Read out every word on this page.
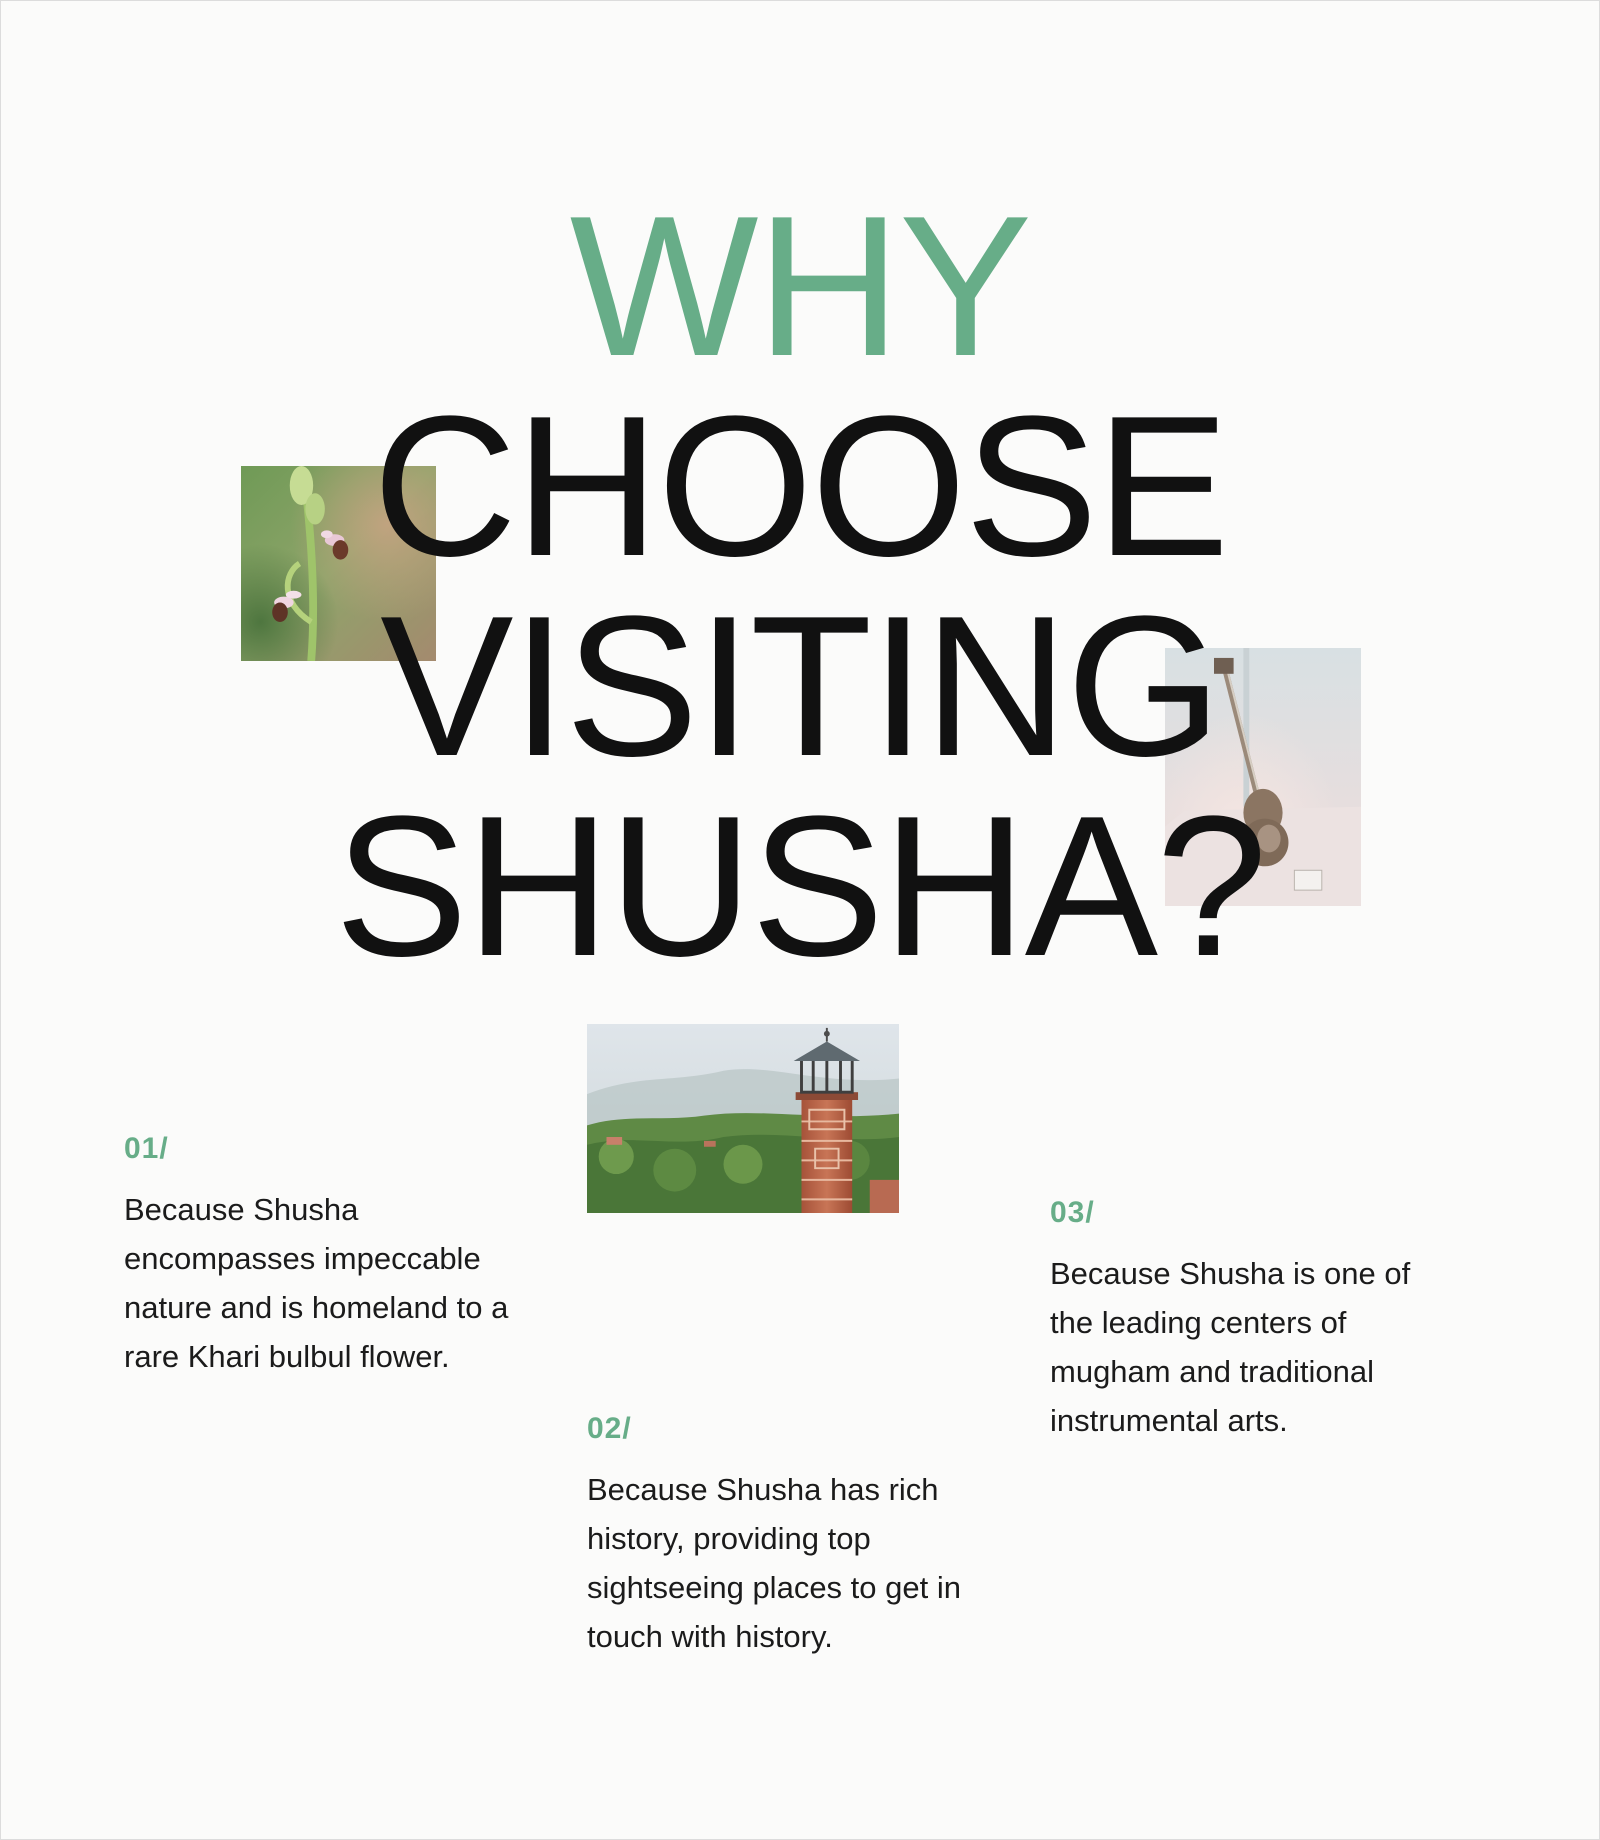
WHY
CHOOSE
VISITING
SHUSHA?
01/

Because Shusha
encompasses impeccable
nature and is homeland to a
rare Khari bulbul flower.

02/

Because Shusha has rich
history, providing top
sightseeing places to get in
touch with history.

03/

Because Shusha is one of
the leading centers of
mugham and traditional
instrumental arts.
